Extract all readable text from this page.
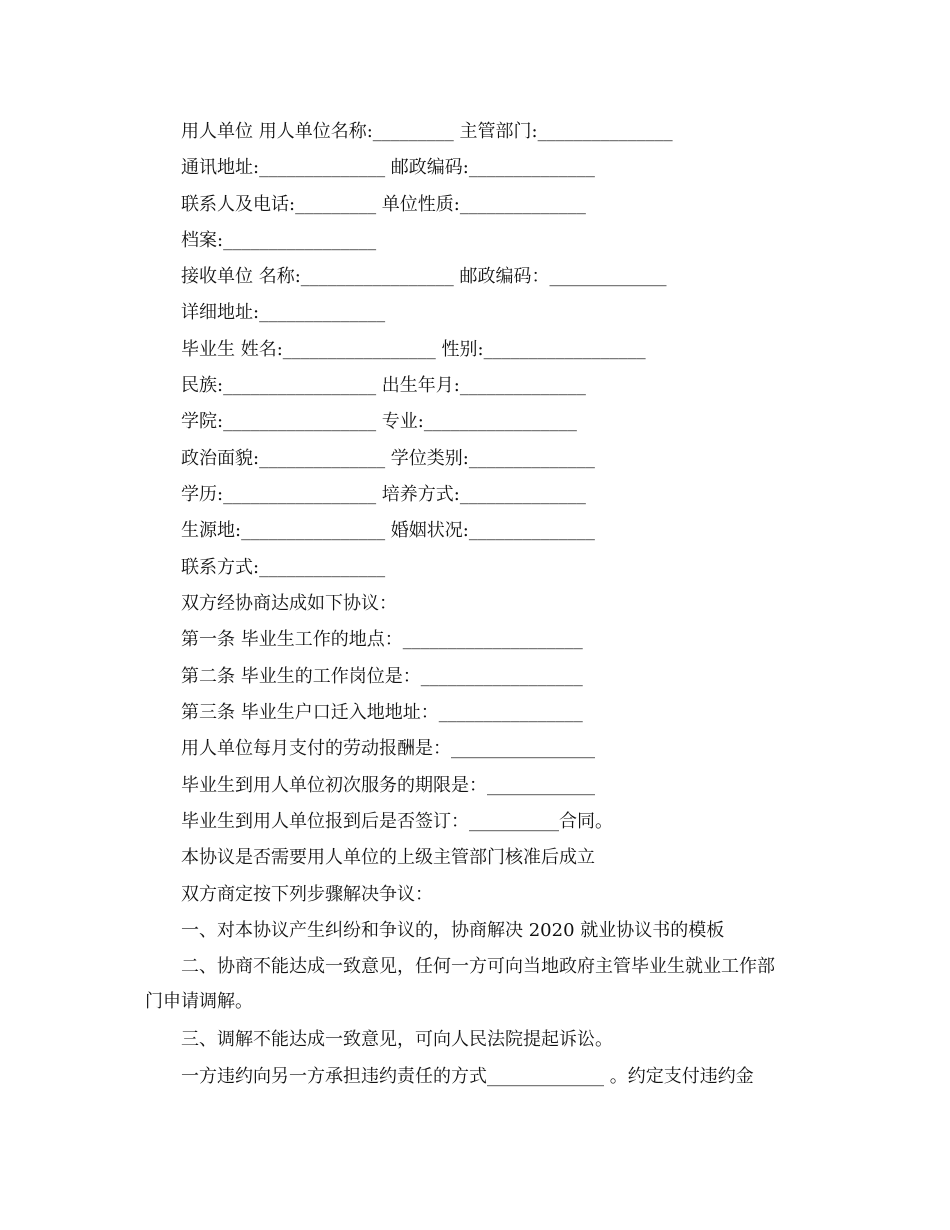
用人单位 用人单位名称:_________ 主管部门:_______________
通讯地址:______________ 邮政编码:______________
联系人及电话:_________ 单位性质:______________
档案:_________________
接收单位 名称:_________________ 邮政编码：_____________
详细地址:______________
毕业生 姓名:_________________ 性别:__________________
民族:_________________ 出生年月:______________
学院:_________________ 专业:_________________
政治面貌:______________ 学位类别:______________
学历:_________________ 培养方式:______________
生源地:________________ 婚姻状况:______________
联系方式:______________
双方经协商达成如下协议：
第一条 毕业生工作的地点：____________________
第二条 毕业生的工作岗位是：__________________
第三条 毕业生户口迁入地地址：________________
用人单位每月支付的劳动报酬是：________________
毕业生到用人单位初次服务的期限是：____________
毕业生到用人单位报到后是否签订：__________合同。
本协议是否需要用人单位的上级主管部门核准后成立
双方商定按下列步骤解决争议：
一、对本协议产生纠纷和争议的，协商解决 2020 就业协议书的模板
二、协商不能达成一致意见，任何一方可向当地政府主管毕业生就业工作部
门申请调解。
三、调解不能达成一致意见，可向人民法院提起诉讼。
一方违约向另一方承担违约责任的方式_____________ 。约定支付违约金
